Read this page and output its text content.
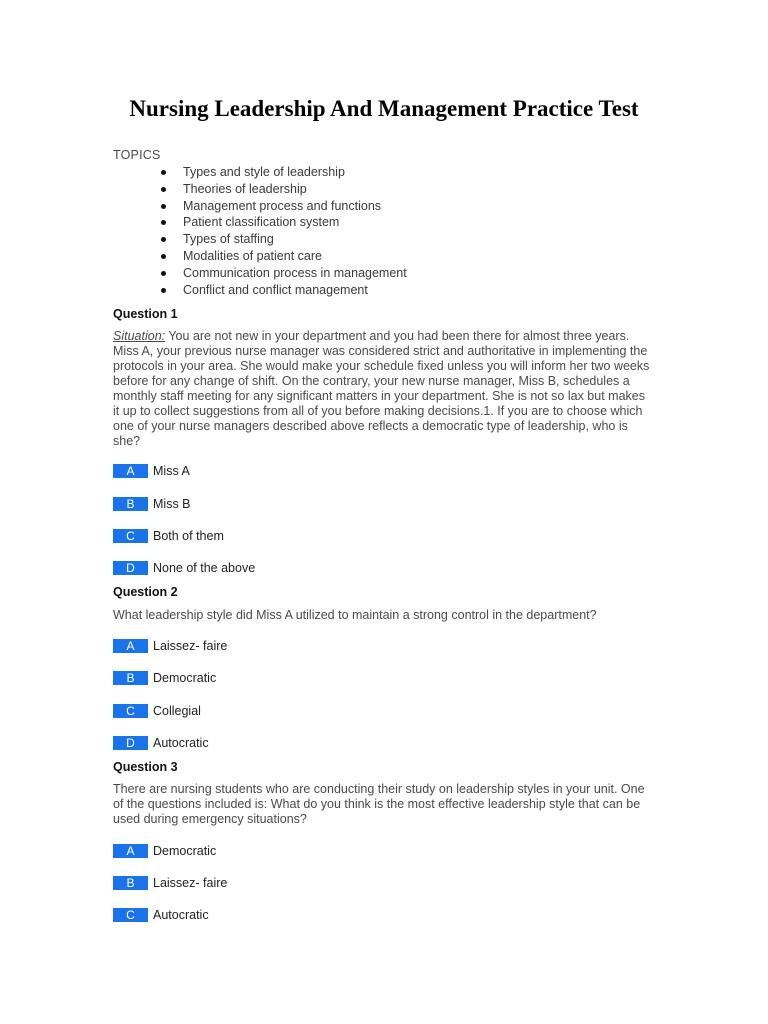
Nursing Leadership And Management Practice Test
TOPICS
Types and style of leadership
Theories of leadership
Management process and functions
Patient classification system
Types of staffing
Modalities of patient care
Communication process in management
Conflict and conflict management
Question 1

Situation: You are not new in your department and you had been there for almost three years. Miss A, your previous nurse manager was considered strict and authoritative in implementing the protocols in your area. She would make your schedule fixed unless you will inform her two weeks before for any change of shift. On the contrary, your new nurse manager, Miss B, schedules a monthly staff meeting for any significant matters in your department. She is not so lax but makes it up to collect suggestions from all of you before making decisions.1. If you are to choose which one of your nurse managers described above reflects a democratic type of leadership, who is she?

A	Miss A
B	Miss B
C	Both of them
D	None of the above
Question 2

What leadership style did Miss A utilized to maintain a strong control in the department?

A	Laissez- faire
B	Democratic
C	Collegial
D	Autocratic
Question 3

There are nursing students who are conducting their study on leadership styles in your unit. One of the questions included is: What do you think is the most effective leadership style that can be used during emergency situations?

A	Democratic
B	Laissez- faire
C	Autocratic
